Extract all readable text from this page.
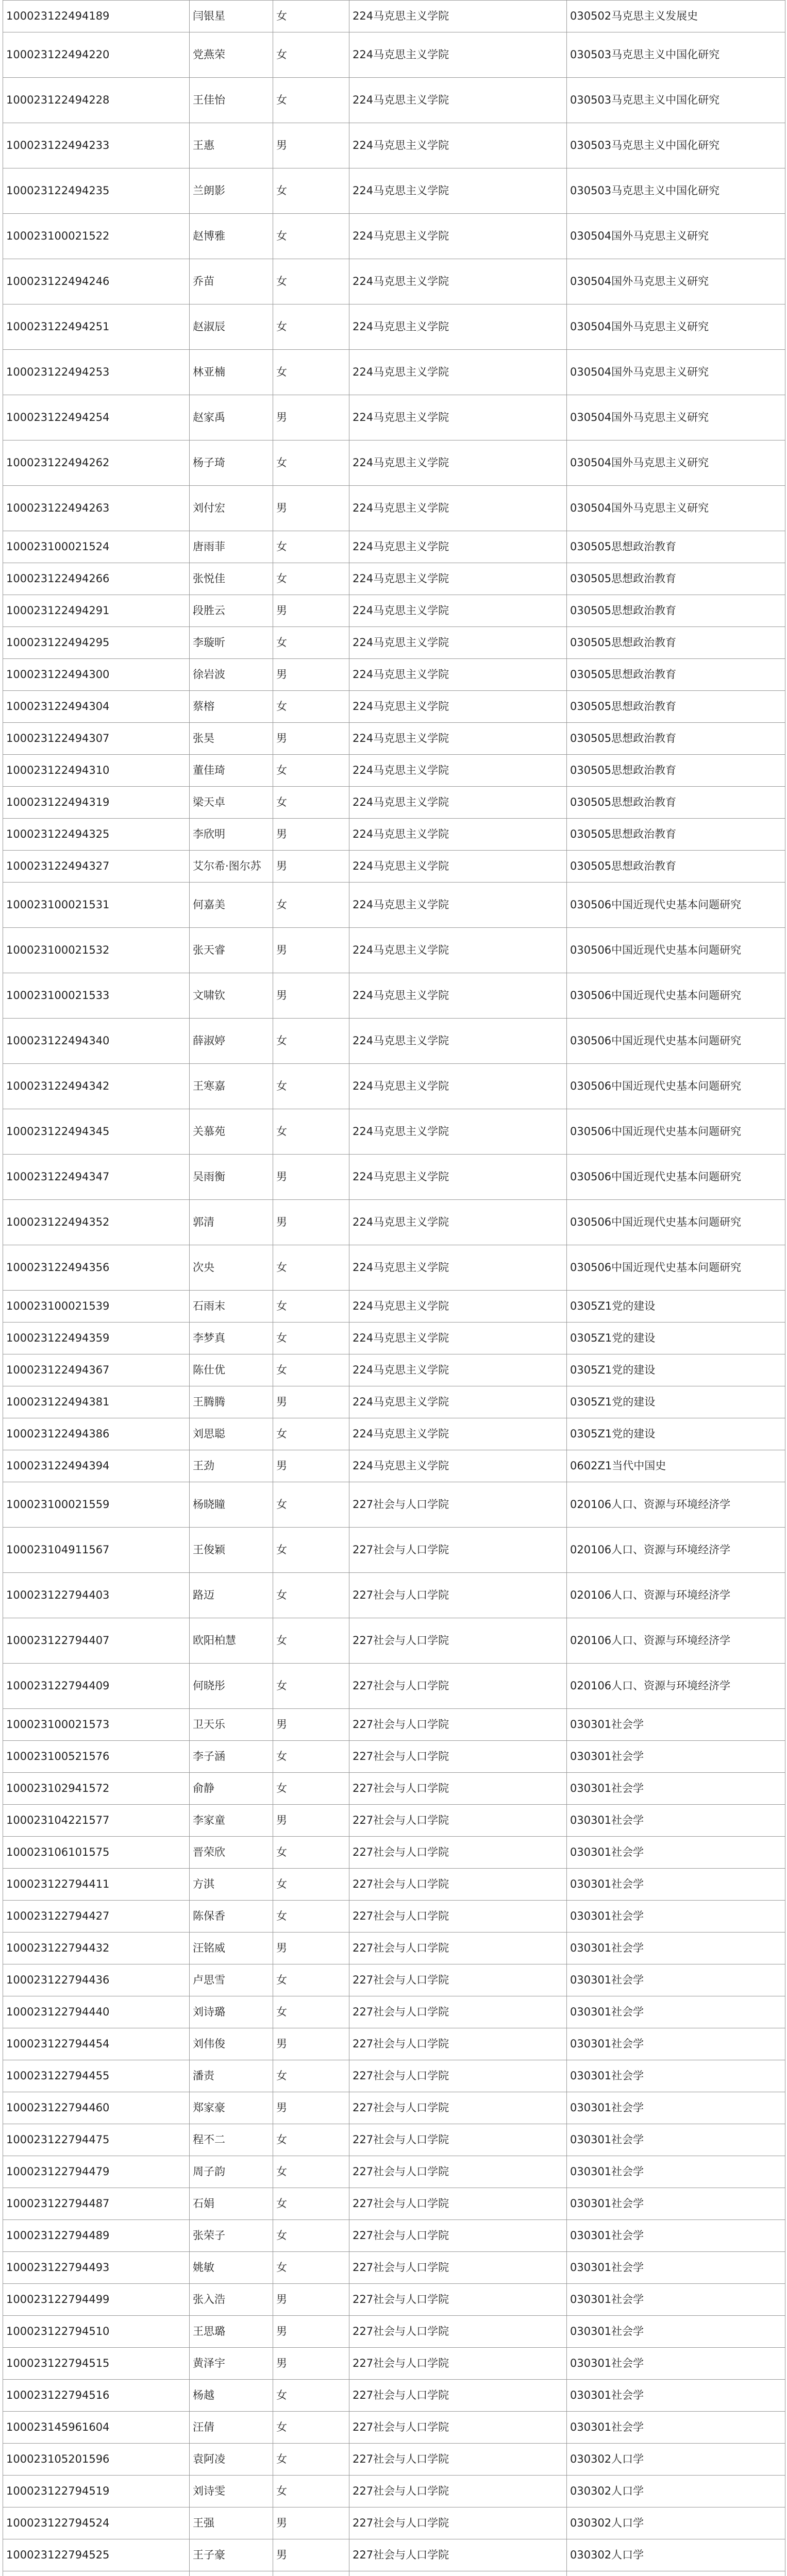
100023122494189	闫银星	女	224马克思主义学院	030502马克思主义发展史
100023122494220	党燕荣	女	224马克思主义学院	030503马克思主义中国化研究
100023122494228	王佳怡	女	224马克思主义学院	030503马克思主义中国化研究
100023122494233	王惠	男	224马克思主义学院	030503马克思主义中国化研究
100023122494235	兰朗影	女	224马克思主义学院	030503马克思主义中国化研究
100023100021522	赵博雅	女	224马克思主义学院	030504国外马克思主义研究
100023122494246	乔苗	女	224马克思主义学院	030504国外马克思主义研究
100023122494251	赵淑辰	女	224马克思主义学院	030504国外马克思主义研究
100023122494253	林亚楠	女	224马克思主义学院	030504国外马克思主义研究
100023122494254	赵家禹	男	224马克思主义学院	030504国外马克思主义研究
100023122494262	杨子琦	女	224马克思主义学院	030504国外马克思主义研究
100023122494263	刘付宏	男	224马克思主义学院	030504国外马克思主义研究
100023100021524	唐雨菲	女	224马克思主义学院	030505思想政治教育
100023122494266	张悦佳	女	224马克思主义学院	030505思想政治教育
100023122494291	段胜云	男	224马克思主义学院	030505思想政治教育
100023122494295	李璇昕	女	224马克思主义学院	030505思想政治教育
100023122494300	徐岩波	男	224马克思主义学院	030505思想政治教育
100023122494304	蔡榕	女	224马克思主义学院	030505思想政治教育
100023122494307	张昊	男	224马克思主义学院	030505思想政治教育
100023122494310	董佳琦	女	224马克思主义学院	030505思想政治教育
100023122494319	梁天卓	女	224马克思主义学院	030505思想政治教育
100023122494325	李欣明	男	224马克思主义学院	030505思想政治教育
100023122494327	艾尔希·图尔苏	男	224马克思主义学院	030505思想政治教育
100023100021531	何嘉美	女	224马克思主义学院	030506中国近现代史基本问题研究
100023100021532	张天睿	男	224马克思主义学院	030506中国近现代史基本问题研究
100023100021533	文啸钦	男	224马克思主义学院	030506中国近现代史基本问题研究
100023122494340	薛淑婷	女	224马克思主义学院	030506中国近现代史基本问题研究
100023122494342	王寒嘉	女	224马克思主义学院	030506中国近现代史基本问题研究
100023122494345	关慕苑	女	224马克思主义学院	030506中国近现代史基本问题研究
100023122494347	吴雨衡	男	224马克思主义学院	030506中国近现代史基本问题研究
100023122494352	郭清	男	224马克思主义学院	030506中国近现代史基本问题研究
100023122494356	次央	女	224马克思主义学院	030506中国近现代史基本问题研究
100023100021539	石雨末	女	224马克思主义学院	0305Z1党的建设
100023122494359	李梦真	女	224马克思主义学院	0305Z1党的建设
100023122494367	陈仕优	女	224马克思主义学院	0305Z1党的建设
100023122494381	王腾腾	男	224马克思主义学院	0305Z1党的建设
100023122494386	刘思聪	女	224马克思主义学院	0305Z1党的建设
100023122494394	王劲	男	224马克思主义学院	0602Z1当代中国史
100023100021559	杨晓瞳	女	227社会与人口学院	020106人口、资源与环境经济学
100023104911567	王俊颖	女	227社会与人口学院	020106人口、资源与环境经济学
100023122794403	路迈	女	227社会与人口学院	020106人口、资源与环境经济学
100023122794407	欧阳柏慧	女	227社会与人口学院	020106人口、资源与环境经济学
100023122794409	何晓彤	女	227社会与人口学院	020106人口、资源与环境经济学
100023100021573	卫天乐	男	227社会与人口学院	030301社会学
100023100521576	李子涵	女	227社会与人口学院	030301社会学
100023102941572	俞静	女	227社会与人口学院	030301社会学
100023104221577	李家童	男	227社会与人口学院	030301社会学
100023106101575	晋荣欣	女	227社会与人口学院	030301社会学
100023122794411	方淇	女	227社会与人口学院	030301社会学
100023122794427	陈保香	女	227社会与人口学院	030301社会学
100023122794432	汪铭威	男	227社会与人口学院	030301社会学
100023122794436	卢思雪	女	227社会与人口学院	030301社会学
100023122794440	刘诗璐	女	227社会与人口学院	030301社会学
100023122794454	刘伟俊	男	227社会与人口学院	030301社会学
100023122794455	潘责	女	227社会与人口学院	030301社会学
100023122794460	郑家豪	男	227社会与人口学院	030301社会学
100023122794475	程不二	女	227社会与人口学院	030301社会学
100023122794479	周子韵	女	227社会与人口学院	030301社会学
100023122794487	石娟	女	227社会与人口学院	030301社会学
100023122794489	张荣子	女	227社会与人口学院	030301社会学
100023122794493	姚敏	女	227社会与人口学院	030301社会学
100023122794499	张入浩	男	227社会与人口学院	030301社会学
100023122794510	王思璐	男	227社会与人口学院	030301社会学
100023122794515	黄泽宇	男	227社会与人口学院	030301社会学
100023122794516	杨越	女	227社会与人口学院	030301社会学
100023145961604	汪倩	女	227社会与人口学院	030301社会学
100023105201596	袁阿凌	女	227社会与人口学院	030302人口学
100023122794519	刘诗雯	女	227社会与人口学院	030302人口学
100023122794524	王强	男	227社会与人口学院	030302人口学
100023122794525	王子豪	男	227社会与人口学院	030302人口学
